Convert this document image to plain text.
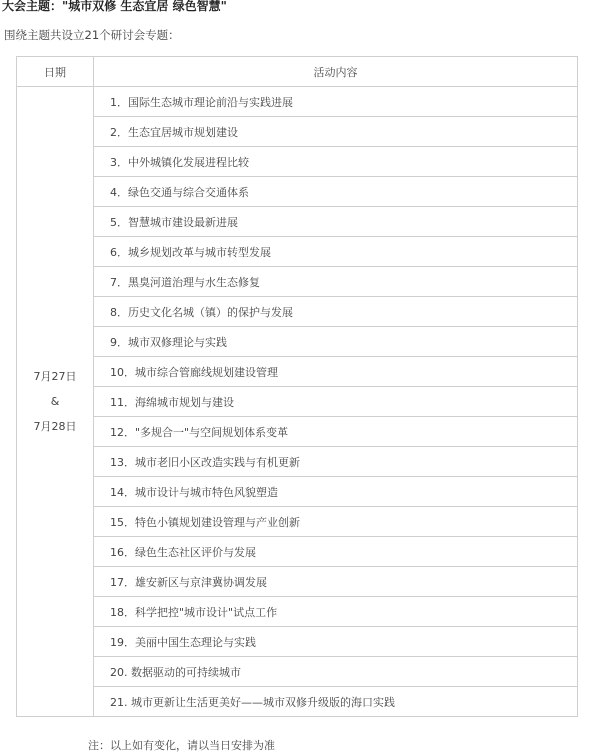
大会主题："城市双修 生态宜居 绿色智慧"
围绕主题共设立21个研讨会专题：
日期	活动内容

7月27日
&
7月28日	1．国际生态城市理论前沿与实践进展
	2．生态宜居城市规划建设
	3．中外城镇化发展进程比较
	4．绿色交通与综合交通体系
	5．智慧城市建设最新进展
	6．城乡规划改革与城市转型发展
	7．黑臭河道治理与水生态修复
	8．历史文化名城（镇）的保护与发展
	9．城市双修理论与实践
	10．城市综合管廊线规划建设管理
	11．海绵城市规划与建设
	12．"多规合一"与空间规划体系变革
	13．城市老旧小区改造实践与有机更新
	14．城市设计与城市特色风貌塑造
	15．特色小镇规划建设管理与产业创新
	16．绿色生态社区评价与发展
	17．雄安新区与京津冀协调发展
	18．科学把控"城市设计"试点工作
	19．美丽中国生态理论与实践
	20. 数据驱动的可持续城市
	21. 城市更新让生活更美好——城市双修升级版的海口实践
注：以上如有变化，请以当日安排为准
